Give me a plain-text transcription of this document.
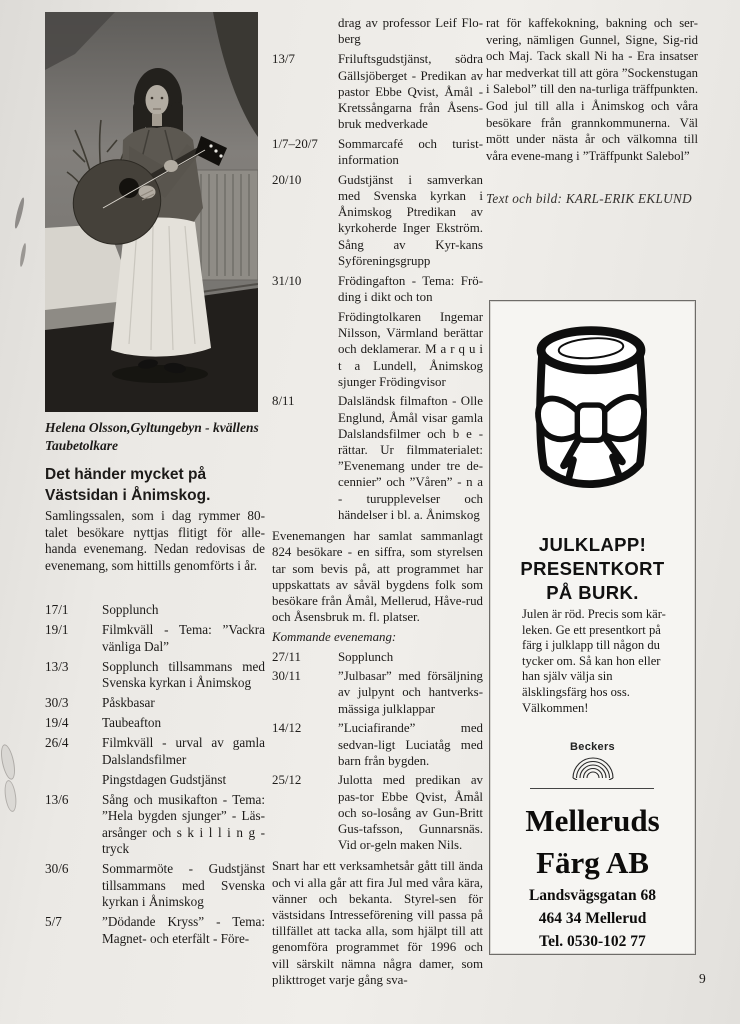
Helena Olsson,Gyltungebyn - kvällens Taubetolkare
Det händer mycket på
Västsidan i Ånimskog.
Samlingssalen, som i dag rymmer 80-talet besökare nyttjas flitigt för alle-handa evenemang. Nedan redovisas de evenemang, som hittills genomförts i år.
17/1	Sopplunch
19/1	Filmkväll - Tema: ”Vackra vänliga Dal”
13/3	Sopplunch tillsammans med Svenska kyrkan i Ånimskog
30/3	Påskbasar
19/4	Taubeafton
26/4	Filmkväll - urval av gamla Dalslandsfilmer
Pingstdagen Gudstjänst
13/6	Sång och musikafton - Tema: ”Hela bygden sjunger” - Läs-arsånger och s k i l l i n g - tryck
30/6	Sommarmöte - Gudstjänst tillsammans med Svenska kyrkan i Ånimskog
5/7	”Dödande Kryss” - Tema: Magnet- och eterfält - Före-
drag av professor Leif Flo-berg
13/7	Friluftsgudstjänst, södra Gällsjöberget - Predikan av pastor Ebbe Qvist, Åmål - Kretssångarna från Åsens-bruk medverkade
1/7–20/7	Sommarcafé och turist-information
20/10	Gudstjänst i samverkan med Svenska kyrkan i Ånimskog Ptredikan av kyrkoherde Inger Ekström. Sång av Kyr-kans Syföreningsgrupp
31/10	Frödingafton - Tema: Frö-ding i dikt och ton
Frödingtolkaren Ingemar Nilsson, Värmland berättar och deklamerar. M a r q u i t a Lundell, Ånimskog sjunger Frödingvisor
8/11	Dalsländsk filmafton - Olle Englund, Åmål visar gamla Dalslandsfilmer och b e - rättar. Ur filmmaterialet: ”Evenemang under tre de-cennier” och ”Våren” - n a - turupplevelser och händelser i bl. a. Ånimskog
Evenemangen har samlat sammanlagt 824 besökare - en siffra, som styrelsen tar som bevis på, att programmet har uppskattats av såväl bygdens folk som besökare från Åmål, Mellerud, Håve-rud och Åsensbruk m. fl. platser.
Kommande evenemang:
27/11	Sopplunch
30/11	”Julbasar” med försäljning av julpynt och hantverks-mässiga julklappar
14/12	”Luciafirande” med sedvan-ligt Luciatåg med barn från bygden.
25/12	Julotta med predikan av pas-tor Ebbe Qvist, Åmål och so-losång av Gun-Britt Gus-tafsson, Gunnarsnäs. Vid or-geln maken Nils.
Snart har ett verksamhetsår gått till ända och vi alla går att fira Jul med våra kära, vänner och bekanta. Styrel-sen för västsidans Intresseförening vill passa på tillfället att tacka alla, som hjälpt till att genomföra programmet för 1996 och vill särskilt nämna några damer, som plikttroget varje gång sva-
rat för kaffekokning, bakning och ser-vering, nämligen Gunnel, Signe, Sig-rid och Maj. Tack skall Ni ha - Era insatser har medverkat till att göra ”Sockenstugan i Salebol” till den na-turliga träffpunkten. God jul till alla i Ånimskog och våra besökare från grannkommunerna. Väl mött under nästa år och välkomna till våra evene-mang i ”Träffpunkt Salebol”
Text och bild: KARL-ERIK EKLUND
JULKLAPP!
PRESENTKORT
PÅ BURK.
Julen är röd. Precis som kär-leken. Ge ett presentkort på färg i julklapp till någon du tycker om. Så kan hon eller han själv välja sin älsklingsfärg hos oss. Välkommen!
Beckers
Melleruds
Färg AB
Landsvägsgatan 68
464 34 Mellerud
Tel. 0530-102 77
9
